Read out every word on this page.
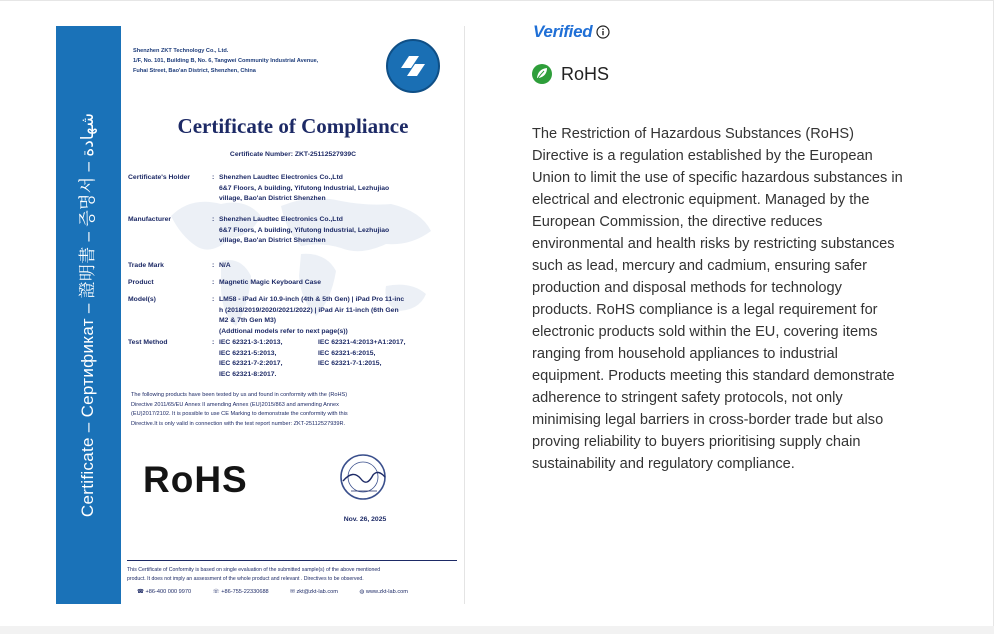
Certificate – Сертификат – 證明書 – 증명서 – شهادة
Shenzhen ZKT Technology Co., Ltd.
1/F, No. 101, Building B, No. 6, Tangwei Community Industrial Avenue,
Fuhai Street, Bao'an District, Shenzhen, China
Certificate of Compliance
Certificate Number: ZKT-25112527939C
Certificate's Holder	: Shenzhen Laudtec Electronics Co.,Ltd
6&7 Floors, A building, Yifutong Industrial, Lezhujiao
village, Bao'an District Shenzhen
Manufacturer	: Shenzhen Laudtec Electronics Co.,Ltd
6&7 Floors, A building, Yifutong Industrial, Lezhujiao
village, Bao'an District Shenzhen
Trade Mark	: N/A
Product	: Magnetic Magic Keyboard Case
Model(s)	: LM58 - iPad Air 10.9-inch (4th & 5th Gen) | iPad Pro 11-inc
h (2018/2019/2020/2021/2022) | iPad Air 11-inch (6th Gen
M2 & 7th Gen M3)
(Addtional models refer to next page(s))
Test Method	: IEC 62321-3-1:2013,
IEC 62321-5:2013,
IEC 62321-7-2:2017,
IEC 62321-8:2017.
IEC 62321-4:2013+A1:2017,
IEC 62321-6:2015,
IEC 62321-7-1:2015,
The following products have been tested by us and found in conformity with the (RoHS)
Directive 2011/65/EU Annex II amending Annex (EU)2015/863 and amending Annex
(EU)2017/2102. It is possible to use CE Marking to demonstrate the conformity with this
Directive.It is only valid in connection with the test report number: ZKT-25112527939R.
RoHS
Nov. 26, 2025
This Certificate of Conformity is based on single evaluation of the submitted sample(s) of the above mentioned
product. It does not imply an assessment of the whole product and relevant . Directives to be observed.
☎ +86-400 000 9970	☏ +86-755-22330688	✉ zkt@zkt-lab.com	◍ www.zkt-lab.com
Verified
RoHS
The Restriction of Hazardous Substances (RoHS)
Directive is a regulation established by the European
Union to limit the use of specific hazardous substances in
electrical and electronic equipment. Managed by the
European Commission, the directive reduces
environmental and health risks by restricting substances
such as lead, mercury and cadmium, ensuring safer
production and disposal methods for technology
products. RoHS compliance is a legal requirement for
electronic products sold within the EU, covering items
ranging from household appliances to industrial
equipment. Products meeting this standard demonstrate
adherence to stringent safety protocols, not only
minimising legal barriers in cross-border trade but also
proving reliability to buyers prioritising supply chain
sustainability and regulatory compliance.
